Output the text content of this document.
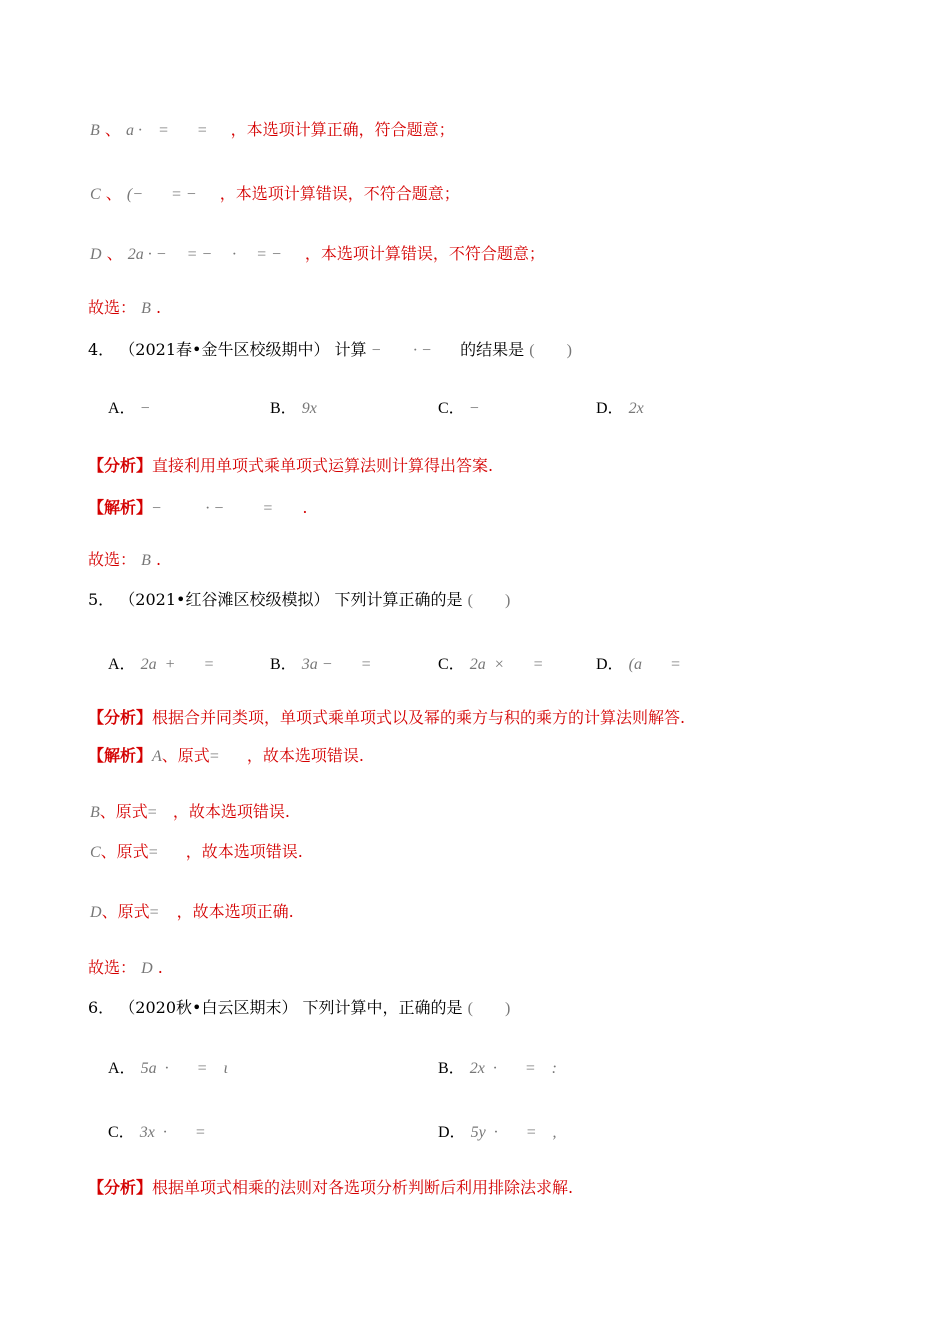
B 、 a ·    =       = ，本选项计算正确，符合题意；
C 、 (−       = − ，本选项计算错误，不符合题意；
D 、 2a · −     = −     ·     = − ，本选项计算错误，不符合题意；
故选： B .
4． （2021春•金牛区校级期中） 计算 −        · − 的结果是 (        )
A． −	B． 9x	C． −	D． 2x
【分析】直接利用单项式乘单项式运算法则计算得出答案.
【解析】−           · −          = .
故选： B .
5． （2021•红谷滩区校级模拟） 下列计算正确的是 (        )
A． 2a  +       =	B． 3a −       =	C． 2a  ×       =	D． (a       =
【分析】根据合并同类项，单项式乘单项式以及幂的乘方与积的乘方的计算法则解答.
【解析】A、原式= ，故本选项错误.
B、原式= ，故本选项错误.
C、原式= ，故本选项错误.
D、原式= ，故本选项正确.
故选： D .
6． （2020秋•白云区期末） 下列计算中，正确的是 (        )
A． 5a  ·       =    ι	B． 2x  ·       =    :
C． 3x  ·       =	D． 5y  ·       =    ,
【分析】根据单项式相乘的法则对各选项分析判断后利用排除法求解.
